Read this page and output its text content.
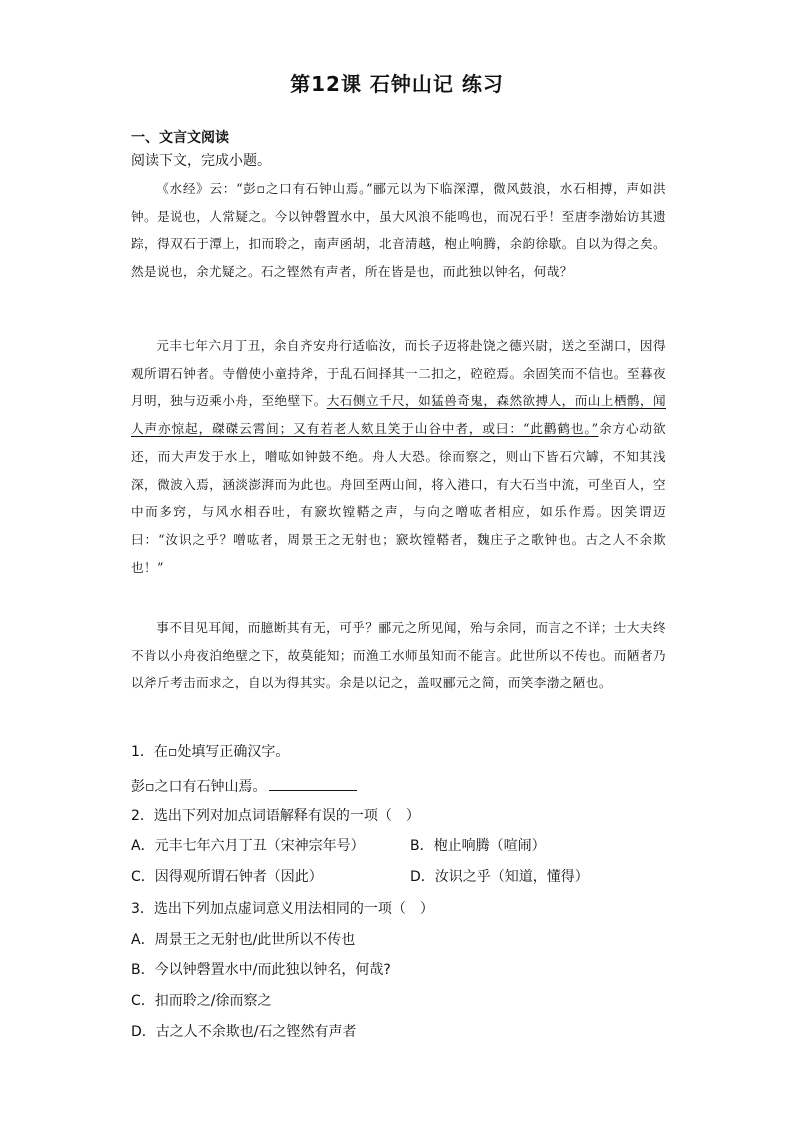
第12课 石钟山记 练习
一、文言文阅读
阅读下文，完成小题。
《水经》云：“彭▫之口有石钟山焉。”郦元以为下临深潭，微风鼓浪，水石相搏，声如洪钟。是说也，人常疑之。今以钟磬置水中，虽大风浪不能鸣也，而况石乎！至唐李渤始访其遗踪，得双石于潭上，扣而聆之，南声函胡，北音清越，枹止响腾，余韵徐歇。自以为得之矣。然是说也，余尤疑之。石之铿然有声者，所在皆是也，而此独以钟名，何哉？
元丰七年六月丁丑，余自齐安舟行适临汝，而长子迈将赴饶之德兴尉，送之至湖口，因得观所谓石钟者。寺僧使小童持斧，于乱石间择其一二扣之，硿硿焉。余固笑而不信也。至暮夜月明，独与迈乘小舟，至绝壁下。大石侧立千尺，如猛兽奇鬼，森然欲搏人，而山上栖鹘，闻人声亦惊起，磔磔云霄间；又有若老人欬且笑于山谷中者，或曰：“此鹳鹤也。”余方心动欲还，而大声发于水上，噌吰如钟鼓不绝。舟人大恐。徐而察之，则山下皆石穴罅，不知其浅深，微波入焉，涵淡澎湃而为此也。舟回至两山间，将入港口，有大石当中流，可坐百人，空中而多窍，与风水相吞吐，有窾坎镗鞳之声，与向之噌吰者相应，如乐作焉。因笑谓迈曰：“汝识之乎？噌吰者，周景王之无射也；窾坎镗鞳者，魏庄子之歌钟也。古之人不余欺也！”
事不目见耳闻，而臆断其有无，可乎？郦元之所见闻，殆与余同，而言之不详；士大夫终不肯以小舟夜泊绝壁之下，故莫能知；而渔工水师虽知而不能言。此世所以不传也。而陋者乃以斧斤考击而求之，自以为得其实。余是以记之，盖叹郦元之简，而笑李渤之陋也。
1．在▫处填写正确汉字。
彭▫之口有石钟山焉。
2．选出下列对加点词语解释有误的一项（　）
A．元丰七年六月丁丑（宋神宗年号）	B．枹止响腾（喧闹）
C．因得观所谓石钟者（因此）	D．汝识之乎（知道，懂得）
3．选出下列加点虚词意义用法相同的一项（　）
A．周景王之无射也/此世所以不传也
B．今以钟磬置水中/而此独以钟名，何哉?
C．扣而聆之/徐而察之
D．古之人不余欺也/石之铿然有声者
